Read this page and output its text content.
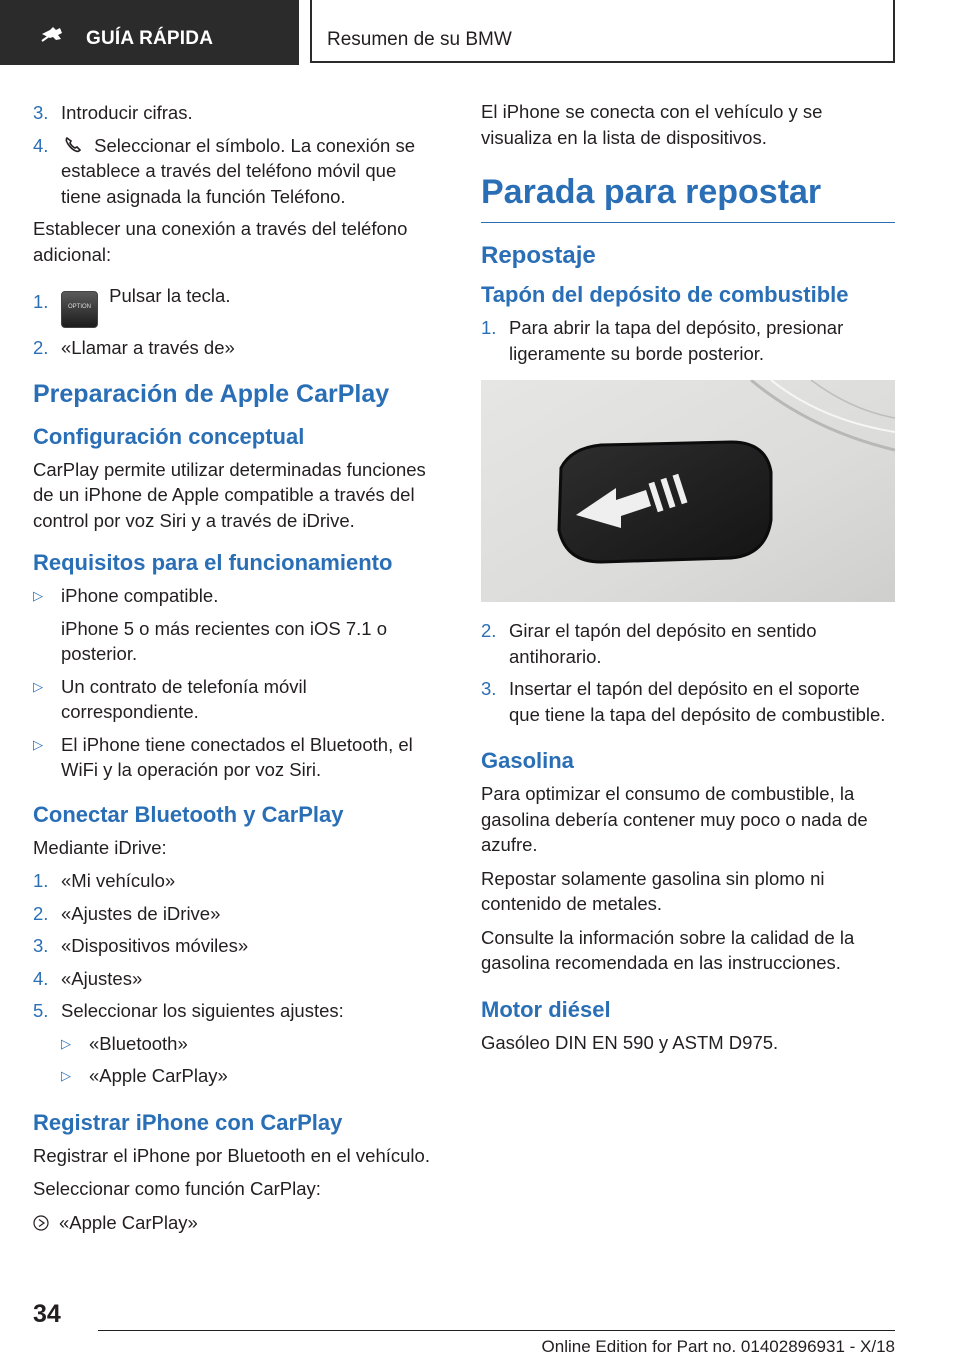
GUÍA RÁPIDA	Resumen de su BMW
3. Introducir cifras.
4. Seleccionar el símbolo. La conexión se establece a través del teléfono móvil que tiene asignada la función Teléfono.

Establecer una conexión a través del teléfono adicional:

1.	OPTION Pulsar la tecla.
2. «Llamar a través de»
Preparación de Apple CarPlay
Configuración conceptual

CarPlay permite utilizar determinadas funciones de un iPhone de Apple compatible a través del control por voz Siri y a través de iDrive.

Requisitos para el funcionamiento
▷ iPhone compatible.
iPhone 5 o más recientes con iOS 7.1 o posterior.
▷ Un contrato de telefonía móvil correspondiente.
▷ El iPhone tiene conectados el Bluetooth, el WiFi y la operación por voz Siri.
Conectar Bluetooth y CarPlay

Mediante iDrive:

1. «Mi vehículo»
2. «Ajustes de iDrive»
3. «Dispositivos móviles»
4. «Ajustes»
5. Seleccionar los siguientes ajustes:
▷ «Bluetooth»
▷ «Apple CarPlay»
Registrar iPhone con CarPlay

Registrar el iPhone por Bluetooth en el vehículo.

Seleccionar como función CarPlay:

«Apple CarPlay»

El iPhone se conecta con el vehículo y se visualiza en la lista de dispositivos.

Parada para repostar
Repostaje
Tapón del depósito de combustible
1. Para abrir la tapa del depósito, presionar ligeramente su borde posterior.
2. Girar el tapón del depósito en sentido antihorario.
3. Insertar el tapón del depósito en el soporte que tiene la tapa del depósito de combustible.
Gasolina

Para optimizar el consumo de combustible, la gasolina debería contener muy poco o nada de azufre.

Repostar solamente gasolina sin plomo ni contenido de metales.

Consulte la información sobre la calidad de la gasolina recomendada en las instrucciones.

Motor diésel

Gasóleo DIN EN 590 y ASTM D975.

34
Online Edition for Part no. 01402896931 - X/18
